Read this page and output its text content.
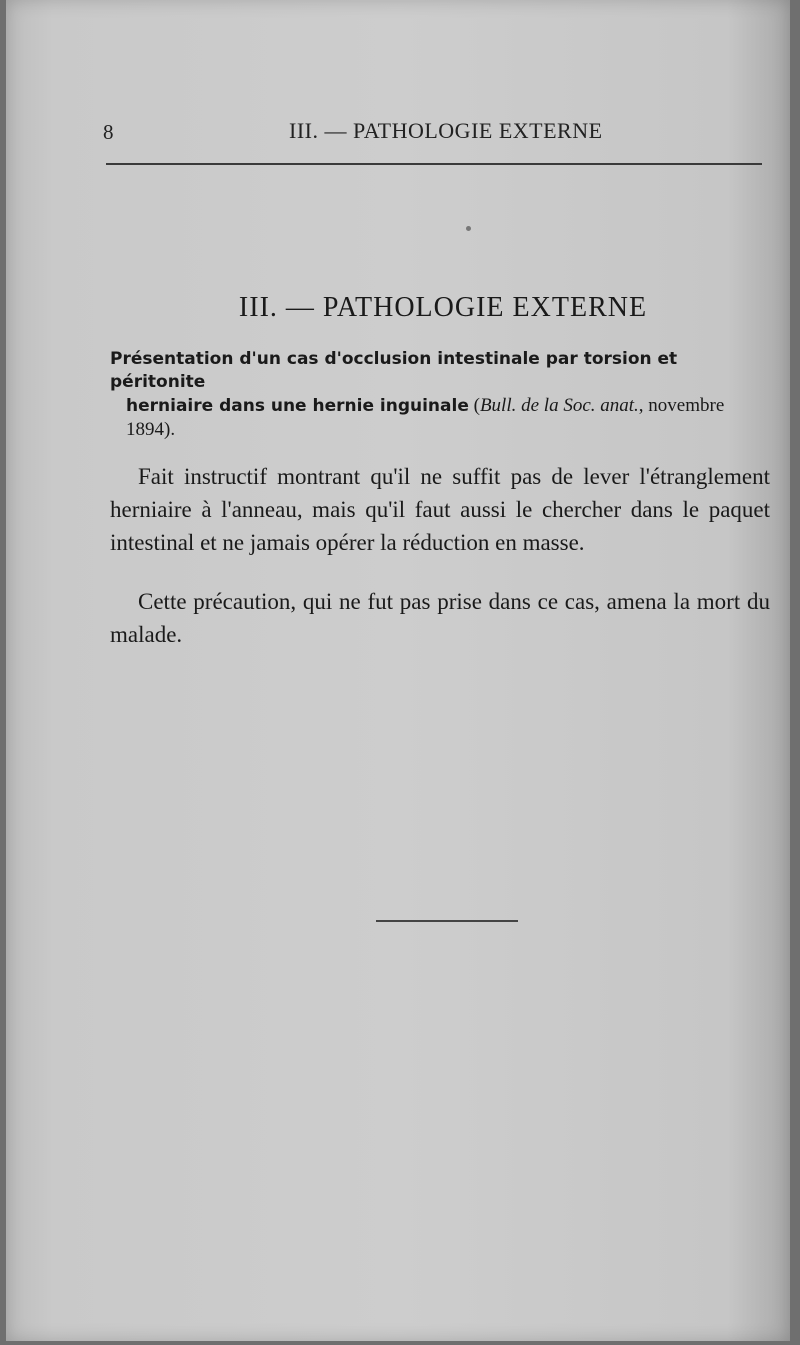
8	III. — PATHOLOGIE EXTERNE
III. — PATHOLOGIE EXTERNE
Présentation d'un cas d'occlusion intestinale par torsion et péritonite
herniaire dans une hernie inguinale (Bull. de la Soc. anat., novembre 1894).

Fait instructif montrant qu'il ne suffit pas de lever l'étranglement herniaire à l'anneau, mais qu'il faut aussi le chercher dans le paquet intestinal et ne jamais opérer la réduction en masse.

Cette précaution, qui ne fut pas prise dans ce cas, amena la mort du malade.
